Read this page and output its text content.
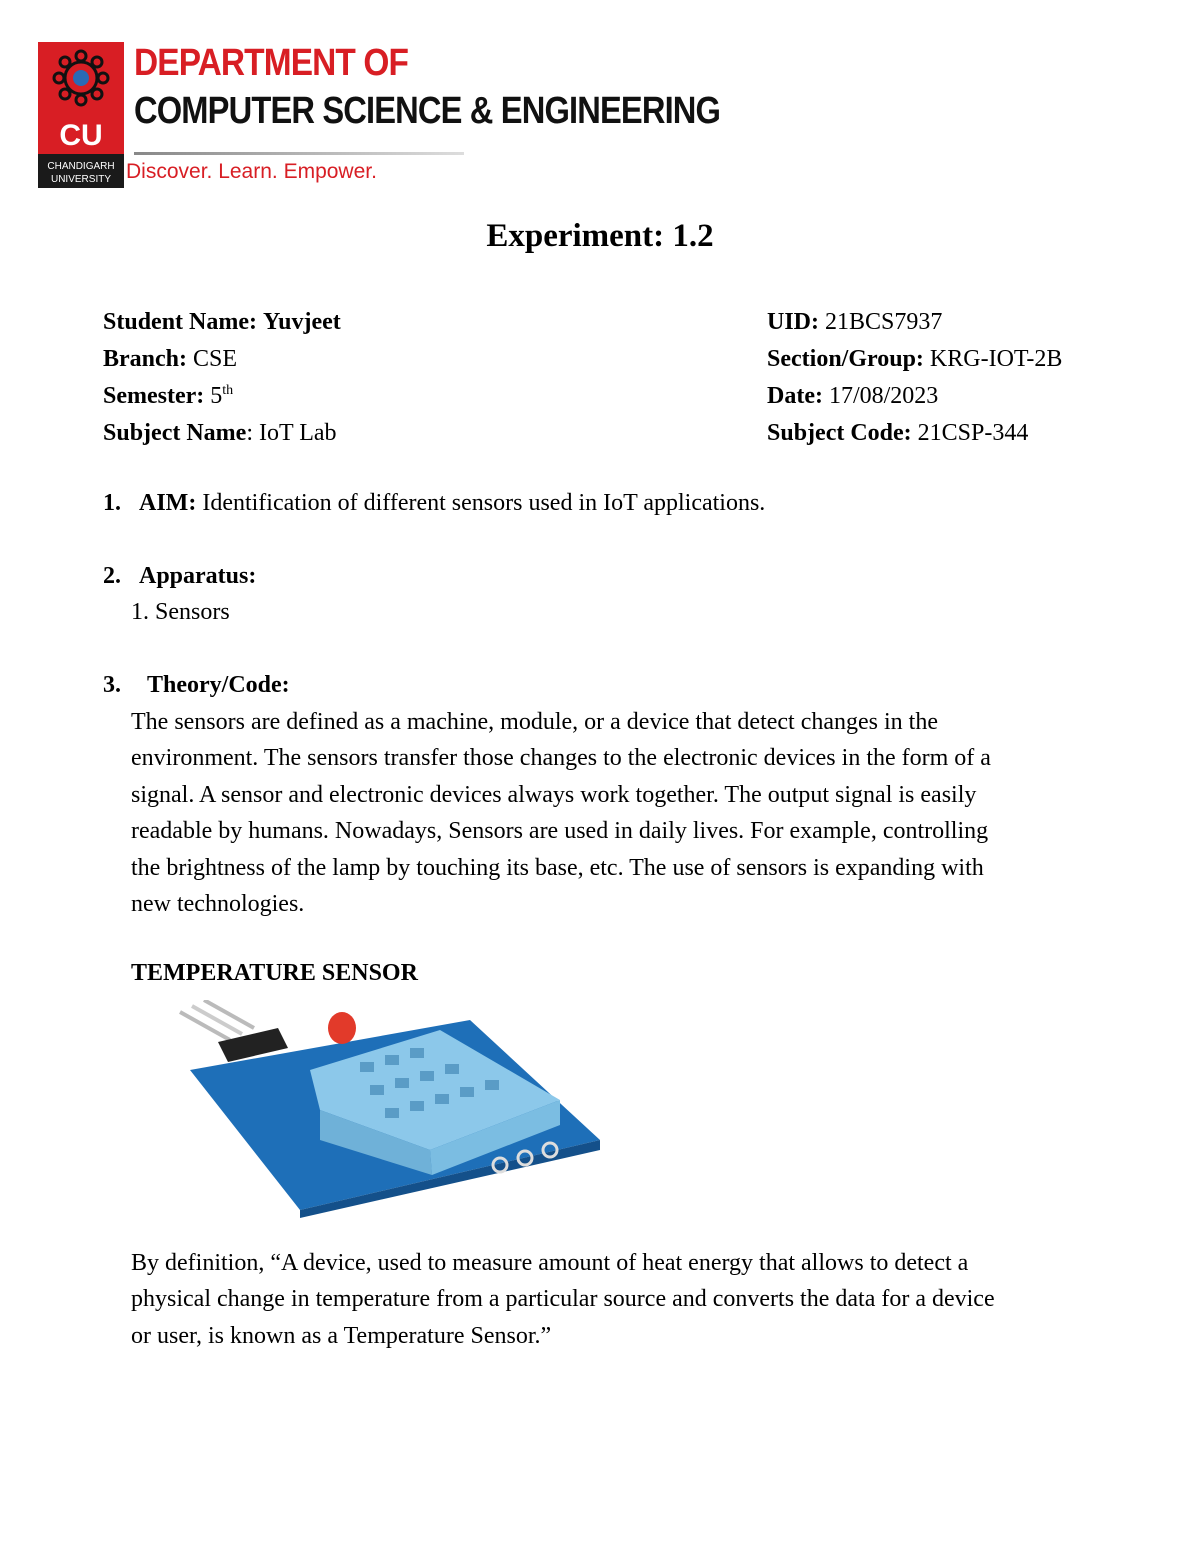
CU
CHANDIGARH
UNIVERSITY
DEPARTMENT OF
COMPUTER SCIENCE & ENGINEERING
Discover. Learn. Empower.
Experiment: 1.2
Student Name: Yuvjeet
Branch: CSE
Semester: 5th
Subject Name: IoT Lab
UID: 21BCS7937
Section/Group: KRG-IOT-2B
Date: 17/08/2023
Subject Code: 21CSP-344
1. AIM: Identification of different sensors used in IoT applications.
2. Apparatus:
1. Sensors
3. Theory/Code:
The sensors are defined as a machine, module, or a device that detect changes in the
environment. The sensors transfer those changes to the electronic devices in the form of a
signal. A sensor and electronic devices always work together. The output signal is easily
readable by humans. Nowadays, Sensors are used in daily lives. For example, controlling
the brightness of the lamp by touching its base, etc. The use of sensors is expanding with
new technologies.
TEMPERATURE SENSOR
By definition, “A device, used to measure amount of heat energy that allows to detect a
physical change in temperature from a particular source and converts the data for a device
or user, is known as a Temperature Sensor.”
